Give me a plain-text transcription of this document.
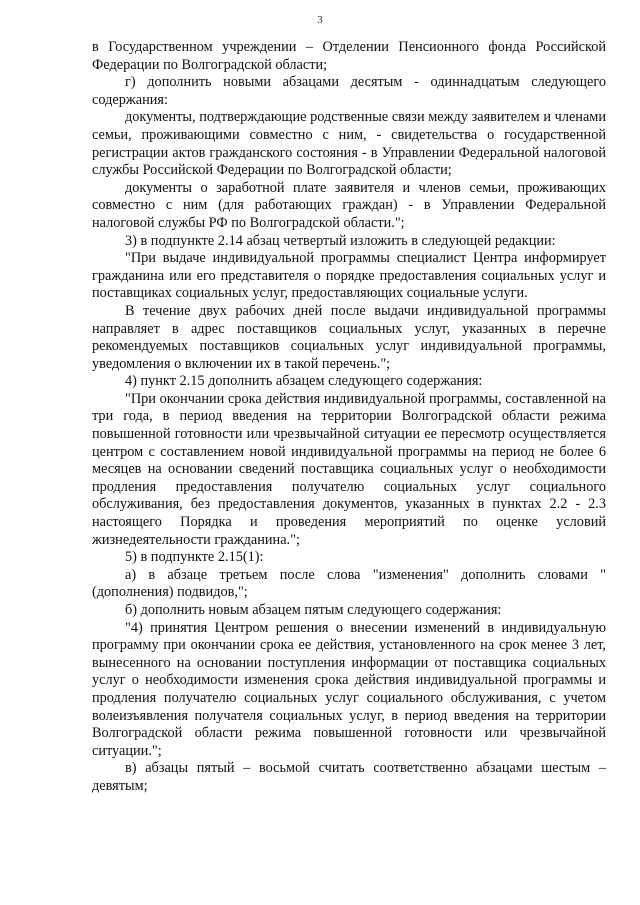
3

в Государственном учреждении – Отделении Пенсионного фонда Российской Федерации по Волгоградской области;

г) дополнить новыми абзацами десятым - одиннадцатым следующего содержания:

документы, подтверждающие родственные связи между заявителем и членами семьи, проживающими совместно с ним, - свидетельства о государственной регистрации актов гражданского состояния - в Управлении Федеральной налоговой службы Российской Федерации по Волгоградской области;

документы о заработной плате заявителя и членов семьи, проживающих совместно с ним (для работающих граждан) - в Управлении Федеральной налоговой службы РФ по Волгоградской области.";

3) в подпункте 2.14 абзац четвертый изложить в следующей редакции:

"При выдаче индивидуальной программы специалист Центра информирует гражданина или его представителя о порядке предоставления социальных услуг и поставщиках социальных услуг, предоставляющих социальные услуги.

В течение двух рабочих дней после выдачи индивидуальной программы направляет в адрес поставщиков социальных услуг, указанных в перечне рекомендуемых поставщиков социальных услуг индивидуальной программы, уведомления о включении их в такой перечень.";

4) пункт 2.15 дополнить абзацем следующего содержания:

"При окончании срока действия индивидуальной программы, составленной на три года, в период введения на территории Волгоградской области режима повышенной готовности или чрезвычайной ситуации ее пересмотр осуществляется центром с составлением новой индивидуальной программы на период не более 6 месяцев на основании сведений поставщика социальных услуг о необходимости продления предоставления получателю социальных услуг социального обслуживания, без предоставления документов, указанных в пунктах 2.2 - 2.3 настоящего Порядка и проведения мероприятий по оценке условий жизнедеятельности гражданина.";

5) в подпункте 2.15(1):

а) в абзаце третьем после слова "изменения" дополнить словами "(дополнения) подвидов,";

б) дополнить новым абзацем пятым следующего содержания:

"4) принятия Центром решения о внесении изменений в индивидуальную программу при окончании срока ее действия, установленного на срок менее 3 лет, вынесенного на основании поступления информации от поставщика социальных услуг о необходимости изменения срока действия индивидуальной программы и продления получателю социальных услуг социального обслуживания, с учетом волеизъявления получателя социальных услуг, в период введения на территории Волгоградской области режима повышенной готовности или чрезвычайной ситуации.";

в) абзацы пятый – восьмой считать соответственно абзацами шестым – девятым;
